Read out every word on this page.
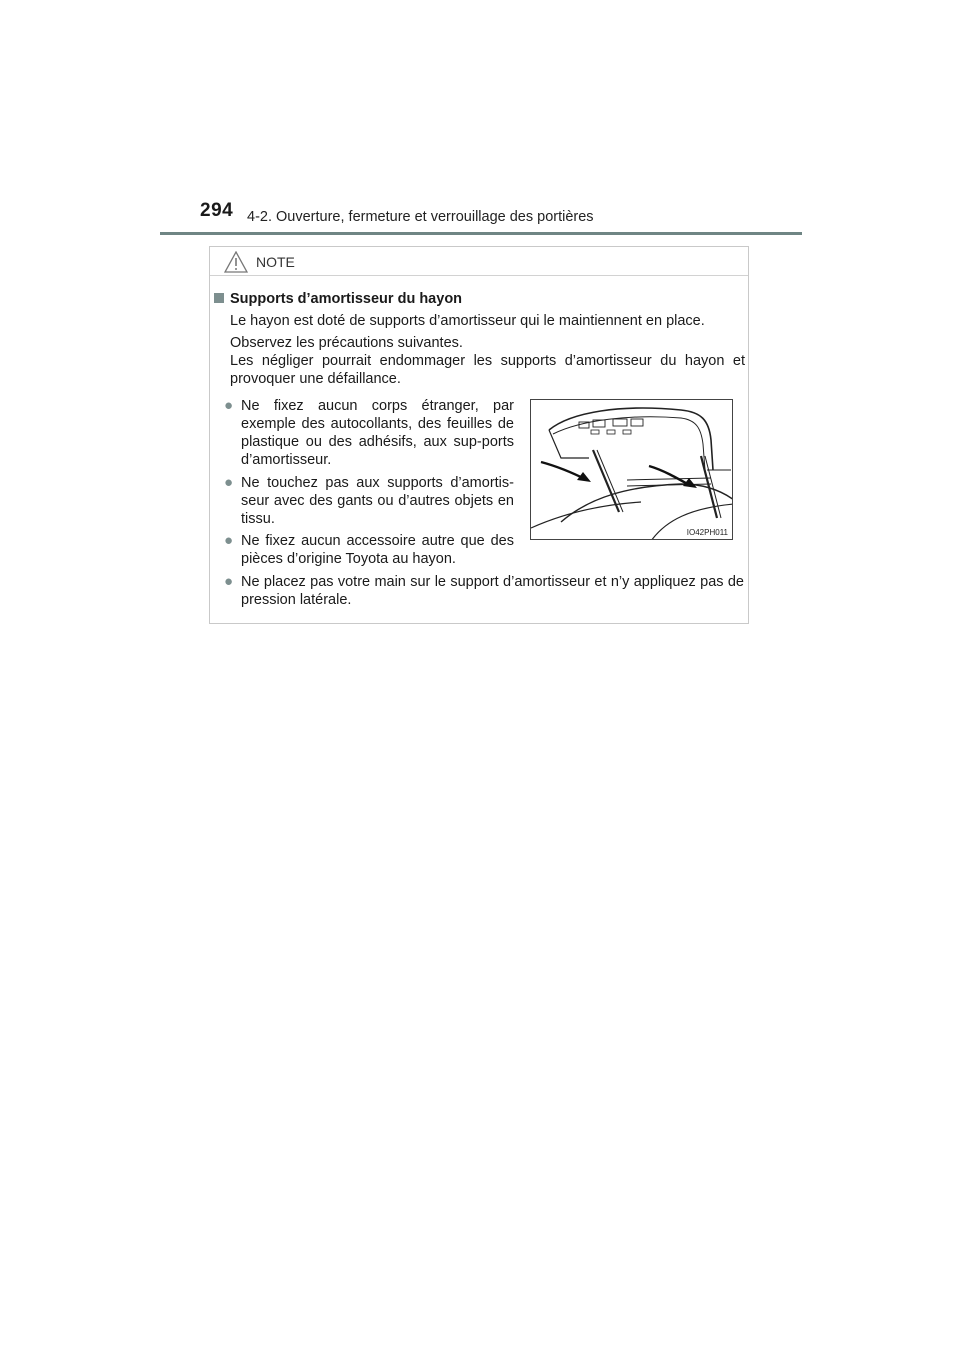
294 4-2. Ouverture, fermeture et verrouillage des portières
NOTE
Supports d’amortisseur du hayon
Le hayon est doté de supports d’amortisseur qui le maintiennent en place.
Observez les précautions suivantes.
Les négliger pourrait endommager les supports d’amortisseur du hayon et provoquer une défaillance.
● Ne fixez aucun corps étranger, par exemple des autocollants, des feuilles de plastique ou des adhésifs, aux sup-ports d’amortisseur.
● Ne touchez pas aux supports d’amortis-seur avec des gants ou d’autres objets en tissu.
● Ne fixez aucun accessoire autre que des pièces d’origine Toyota au hayon.
● Ne placez pas votre main sur le support d’amortisseur et n’y appliquez pas de pression latérale.
IO42PH011
